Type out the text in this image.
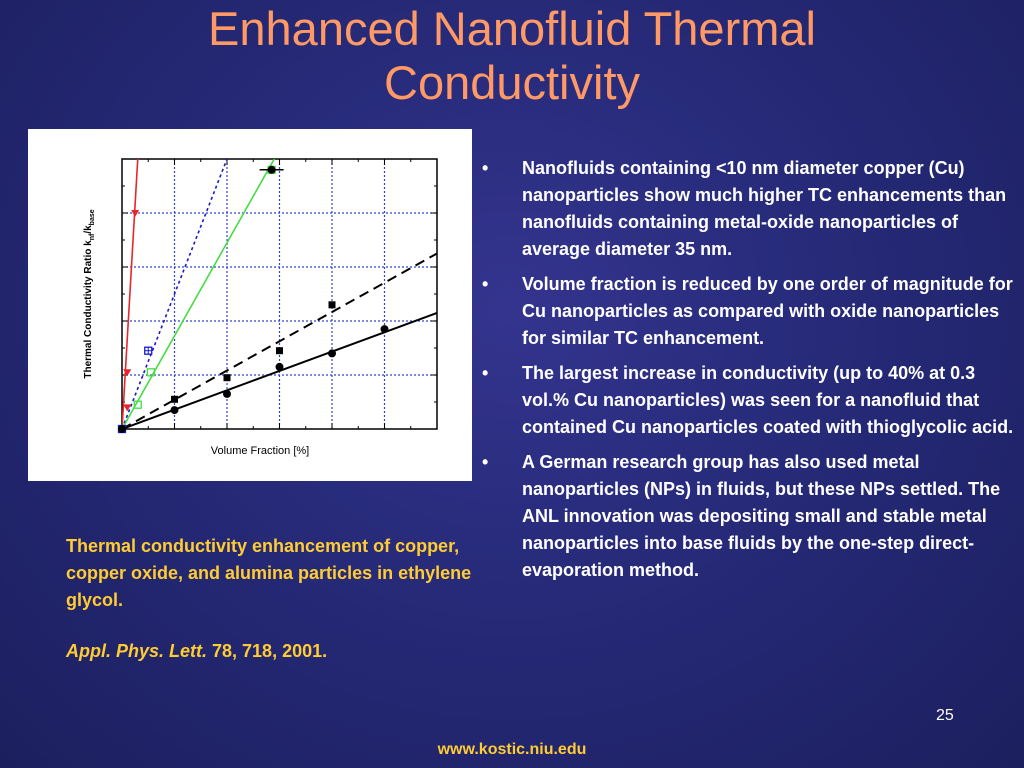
Enhanced Nanofluid Thermal
Conductivity
Volume Fraction [%]
Thermal Conductivity Ratio $k_{nf}/k_{base}$
Thermal conductivity enhancement of copper, copper oxide, and alumina particles in ethylene glycol.
Appl. Phys. Lett. 78, 718, 2001.
• Nanofluids containing <10 nm diameter copper (Cu) nanoparticles show much higher TC enhancements than nanofluids containing metal-oxide nanoparticles of average diameter 35 nm.
• Volume fraction is reduced by one order of magnitude for Cu nanoparticles as compared with oxide nanoparticles for similar TC enhancement.
• The largest increase in conductivity (up to 40% at 0.3 vol.% Cu nanoparticles) was seen for a nanofluid that contained Cu nanoparticles coated with thioglycolic acid.
• A German research group has also used metal nanoparticles (NPs) in fluids, but these NPs settled. The ANL innovation was depositing small and stable metal nanoparticles into base fluids by the one-step direct-evaporation method.
25
www.kostic.niu.edu
